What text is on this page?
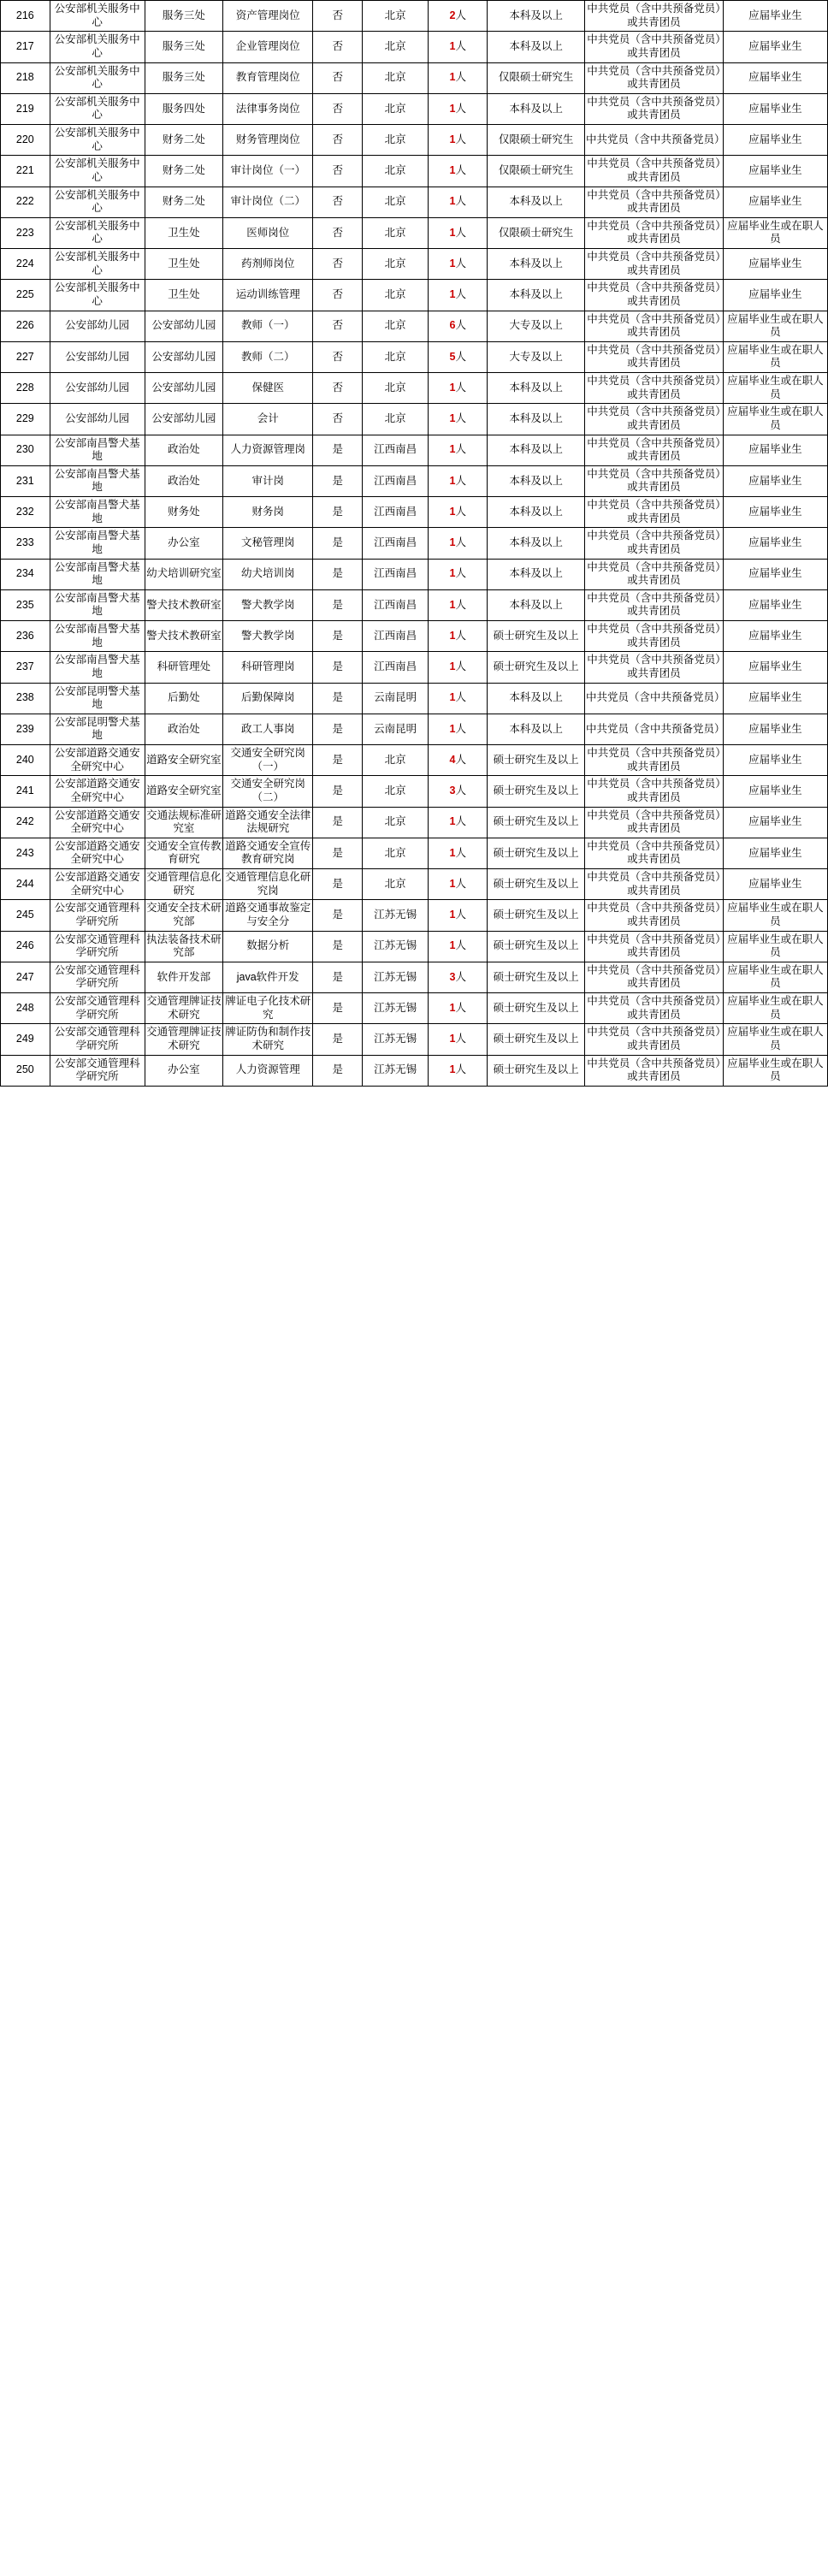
216	公安部机关服务中心	服务三处	资产管理岗位	否	北京	2人	本科及以上	中共党员（含中共预备党员）或共青团员	应届毕业生
217	公安部机关服务中心	服务三处	企业管理岗位	否	北京	1人	本科及以上	中共党员（含中共预备党员）或共青团员	应届毕业生
218	公安部机关服务中心	服务三处	教育管理岗位	否	北京	1人	仅限硕士研究生	中共党员（含中共预备党员）或共青团员	应届毕业生
219	公安部机关服务中心	服务四处	法律事务岗位	否	北京	1人	本科及以上	中共党员（含中共预备党员）或共青团员	应届毕业生
220	公安部机关服务中心	财务二处	财务管理岗位	否	北京	1人	仅限硕士研究生	中共党员（含中共预备党员）	应届毕业生
221	公安部机关服务中心	财务二处	审计岗位（一）	否	北京	1人	仅限硕士研究生	中共党员（含中共预备党员）或共青团员	应届毕业生
222	公安部机关服务中心	财务二处	审计岗位（二）	否	北京	1人	本科及以上	中共党员（含中共预备党员）或共青团员	应届毕业生
223	公安部机关服务中心	卫生处	医师岗位	否	北京	1人	仅限硕士研究生	中共党员（含中共预备党员）或共青团员	应届毕业生或在职人员
224	公安部机关服务中心	卫生处	药剂师岗位	否	北京	1人	本科及以上	中共党员（含中共预备党员）或共青团员	应届毕业生
225	公安部机关服务中心	卫生处	运动训练管理	否	北京	1人	本科及以上	中共党员（含中共预备党员）或共青团员	应届毕业生
226	公安部幼儿园	公安部幼儿园	教师（一）	否	北京	6人	大专及以上	中共党员（含中共预备党员）或共青团员	应届毕业生或在职人员
227	公安部幼儿园	公安部幼儿园	教师（二）	否	北京	5人	大专及以上	中共党员（含中共预备党员）或共青团员	应届毕业生或在职人员
228	公安部幼儿园	公安部幼儿园	保健医	否	北京	1人	本科及以上	中共党员（含中共预备党员）或共青团员	应届毕业生或在职人员
229	公安部幼儿园	公安部幼儿园	会计	否	北京	1人	本科及以上	中共党员（含中共预备党员）或共青团员	应届毕业生或在职人员
230	公安部南昌警犬基地	政治处	人力资源管理岗	是	江西南昌	1人	本科及以上	中共党员（含中共预备党员）或共青团员	应届毕业生
231	公安部南昌警犬基地	政治处	审计岗	是	江西南昌	1人	本科及以上	中共党员（含中共预备党员）或共青团员	应届毕业生
232	公安部南昌警犬基地	财务处	财务岗	是	江西南昌	1人	本科及以上	中共党员（含中共预备党员）或共青团员	应届毕业生
233	公安部南昌警犬基地	办公室	文秘管理岗	是	江西南昌	1人	本科及以上	中共党员（含中共预备党员）或共青团员	应届毕业生
234	公安部南昌警犬基地	幼犬培训研究室	幼犬培训岗	是	江西南昌	1人	本科及以上	中共党员（含中共预备党员）或共青团员	应届毕业生
235	公安部南昌警犬基地	警犬技术教研室	警犬教学岗	是	江西南昌	1人	本科及以上	中共党员（含中共预备党员）或共青团员	应届毕业生
236	公安部南昌警犬基地	警犬技术教研室	警犬教学岗	是	江西南昌	1人	硕士研究生及以上	中共党员（含中共预备党员）或共青团员	应届毕业生
237	公安部南昌警犬基地	科研管理处	科研管理岗	是	江西南昌	1人	硕士研究生及以上	中共党员（含中共预备党员）或共青团员	应届毕业生
238	公安部昆明警犬基地	后勤处	后勤保障岗	是	云南昆明	1人	本科及以上	中共党员（含中共预备党员）	应届毕业生
239	公安部昆明警犬基地	政治处	政工人事岗	是	云南昆明	1人	本科及以上	中共党员（含中共预备党员）	应届毕业生
240	公安部道路交通安全研究中心	道路安全研究室	交通安全研究岗（一）	是	北京	4人	硕士研究生及以上	中共党员（含中共预备党员）或共青团员	应届毕业生
241	公安部道路交通安全研究中心	道路安全研究室	交通安全研究岗（二）	是	北京	3人	硕士研究生及以上	中共党员（含中共预备党员）或共青团员	应届毕业生
242	公安部道路交通安全研究中心	交通法规标准研究室	道路交通安全法律法规研究	是	北京	1人	硕士研究生及以上	中共党员（含中共预备党员）或共青团员	应届毕业生
243	公安部道路交通安全研究中心	交通安全宣传教育研究	道路交通安全宣传教育研究岗	是	北京	1人	硕士研究生及以上	中共党员（含中共预备党员）或共青团员	应届毕业生
244	公安部道路交通安全研究中心	交通管理信息化研究	交通管理信息化研究岗	是	北京	1人	硕士研究生及以上	中共党员（含中共预备党员）或共青团员	应届毕业生
245	公安部交通管理科学研究所	交通安全技术研究部	道路交通事故鉴定与安全分	是	江苏无锡	1人	硕士研究生及以上	中共党员（含中共预备党员）或共青团员	应届毕业生或在职人员
246	公安部交通管理科学研究所	执法装备技术研究部	数据分析	是	江苏无锡	1人	硕士研究生及以上	中共党员（含中共预备党员）或共青团员	应届毕业生或在职人员
247	公安部交通管理科学研究所	软件开发部	java软件开发	是	江苏无锡	3人	硕士研究生及以上	中共党员（含中共预备党员）或共青团员	应届毕业生或在职人员
248	公安部交通管理科学研究所	交通管理牌证技术研究	牌证电子化技术研究	是	江苏无锡	1人	硕士研究生及以上	中共党员（含中共预备党员）或共青团员	应届毕业生或在职人员
249	公安部交通管理科学研究所	交通管理牌证技术研究	牌证防伪和制作技术研究	是	江苏无锡	1人	硕士研究生及以上	中共党员（含中共预备党员）或共青团员	应届毕业生或在职人员
250	公安部交通管理科学研究所	办公室	人力资源管理	是	江苏无锡	1人	硕士研究生及以上	中共党员（含中共预备党员）或共青团员	应届毕业生或在职人员
